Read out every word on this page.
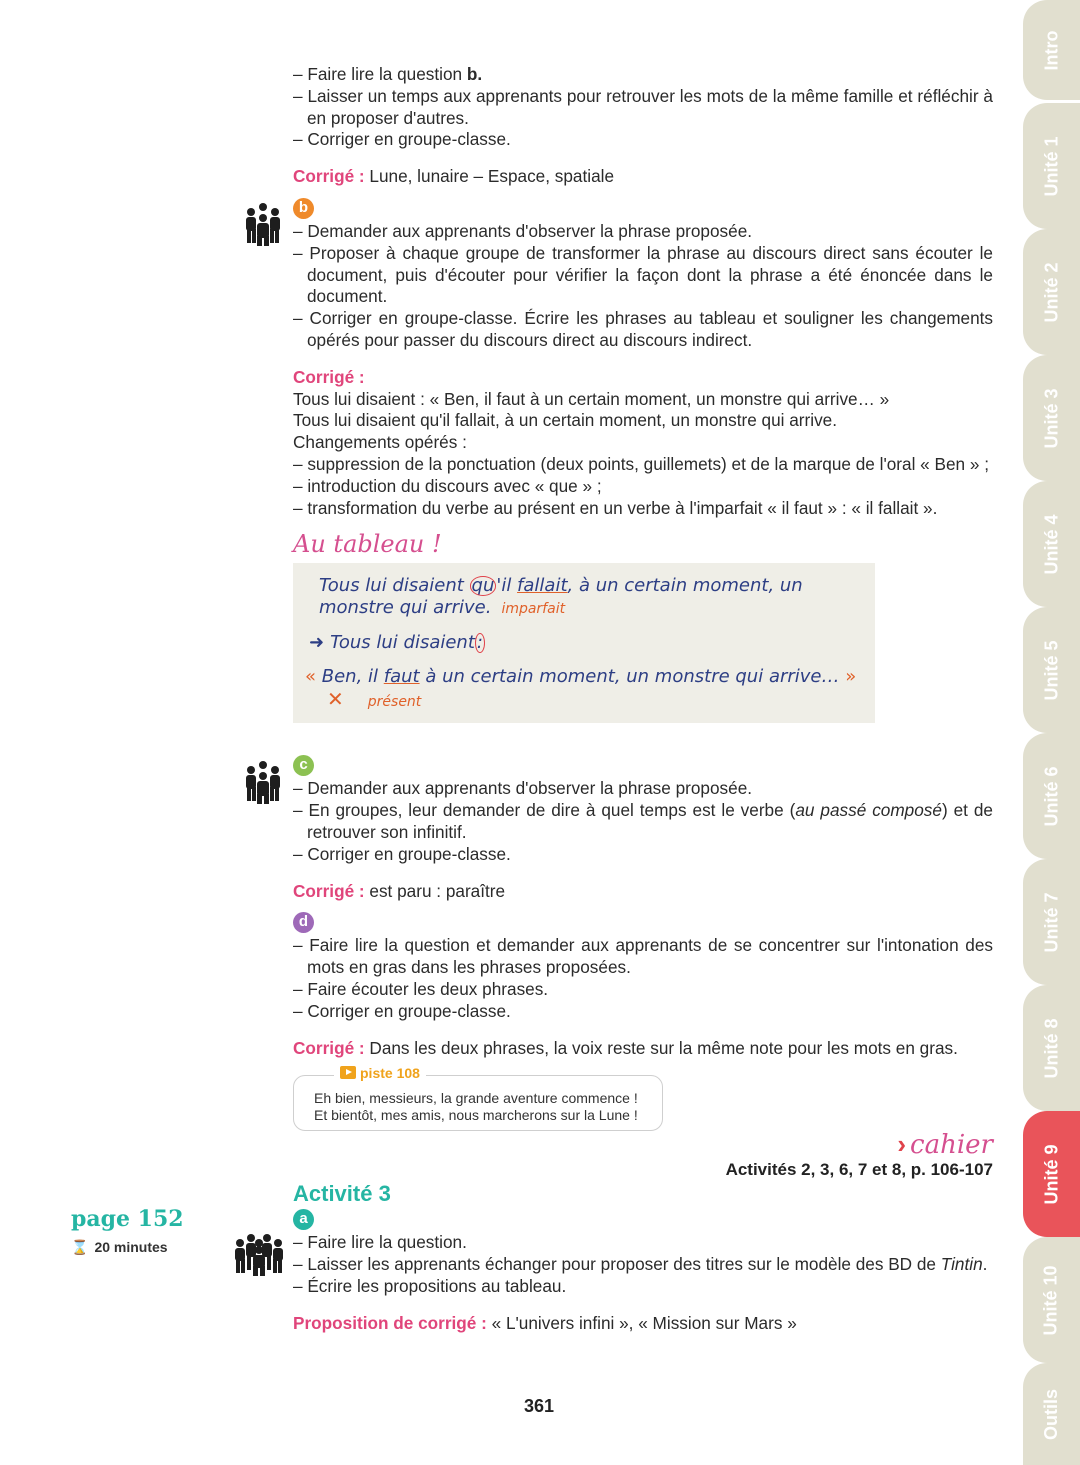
Intro
Unité 1
Unité 2
Unité 3
Unité 4
Unité 5
Unité 6
Unité 7
Unité 8
Unité 9
Unité 10
Outils
page 152
⌛ 20 minutes
– Faire lire la question b.
– Laisser un temps aux apprenants pour retrouver les mots de la même famille et réfléchir à en proposer d'autres.
– Corriger en groupe-classe.
Corrigé : Lune, lunaire – Espace, spatiale
b
– Demander aux apprenants d'observer la phrase proposée.
– Proposer à chaque groupe de transformer la phrase au discours direct sans écouter le document, puis d'écouter pour vérifier la façon dont la phrase a été énoncée dans le document.
– Corriger en groupe-classe. Écrire les phrases au tableau et souligner les changements opérés pour passer du discours direct au discours indirect.
Corrigé :
Tous lui disaient : « Ben, il faut à un certain moment, un monstre qui arrive… »
Tous lui disaient qu'il fallait, à un certain moment, un monstre qui arrive.
Changements opérés :
– suppression de la ponctuation (deux points, guillemets) et de la marque de l'oral « Ben » ;
– introduction du discours avec « que » ;
– transformation du verbe au présent en un verbe à l'imparfait « il faut » : « il fallait ».
Au tableau !
Tous lui disaient qu 'il fallait, à un certain moment, un
monstre qui arrive. imparfait
➜ Tous lui disaient :
« Ben, il faut à un certain moment, un monstre qui arrive… »
✕ présent
c
– Demander aux apprenants d'observer la phrase proposée.
– En groupes, leur demander de dire à quel temps est le verbe (au passé composé) et de retrouver son infinitif.
– Corriger en groupe-classe.
Corrigé : est paru : paraître
d
– Faire lire la question et demander aux apprenants de se concentrer sur l'intonation des mots en gras dans les phrases proposées.
– Faire écouter les deux phrases.
– Corriger en groupe-classe.
Corrigé : Dans les deux phrases, la voix reste sur la même note pour les mots en gras.
piste 108
Eh bien, messieurs, la grande aventure commence !
Et bientôt, mes amis, nous marcherons sur la Lune !
› cahier
Activités 2, 3, 6, 7 et 8, p. 106-107
Activité 3
a
– Faire lire la question.
– Laisser les apprenants échanger pour proposer des titres sur le modèle des BD de Tintin.
– Écrire les propositions au tableau.
Proposition de corrigé : « L'univers infini », « Mission sur Mars »
361
